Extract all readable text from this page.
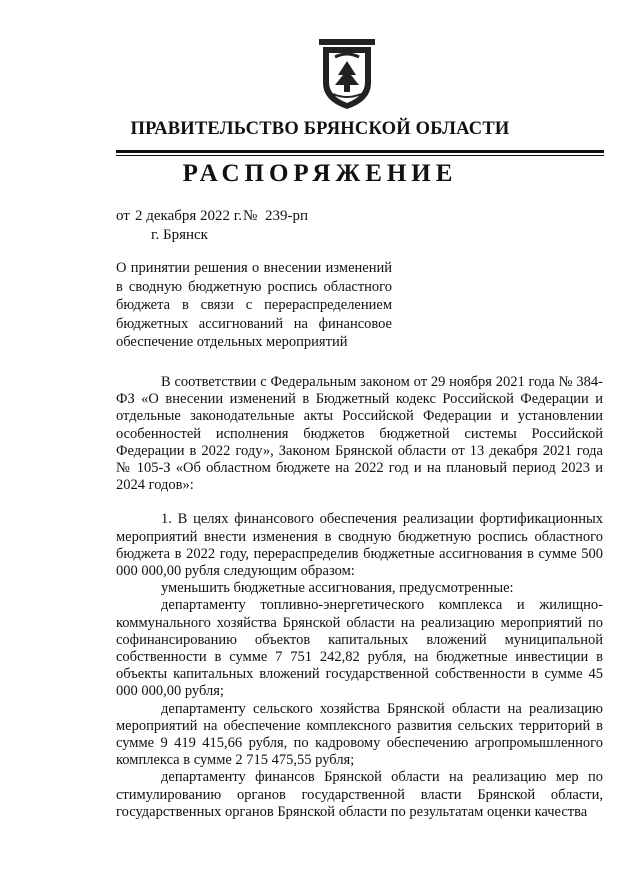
ПРАВИТЕЛЬСТВО БРЯНСКОЙ ОБЛАСТИ
РАСПОРЯЖЕНИЕ
от 2 декабря 2022 г. № 239-рп
г. Брянск
О принятии решения о внесении изменений в сводную бюджетную роспись областного бюджета в связи с перераспределением бюджетных ассигнований на финансовое обеспечение отдельных мероприятий

В соответствии с Федеральным законом от 29 ноября 2021 года № 384-ФЗ «О внесении изменений в Бюджетный кодекс Российской Федерации и отдельные законодательные акты Российской Федерации и установлении особенностей исполнения бюджетов бюджетной системы Российской Федерации в 2022 году», Законом Брянской области от 13 декабря 2021 года № 105-З «Об областном бюджете на 2022 год и на плановый период 2023 и 2024 годов»:

1. В целях финансового обеспечения реализации фортификационных мероприятий внести изменения в сводную бюджетную роспись областного бюджета в 2022 году, перераспределив бюджетные ассигнования в сумме 500 000 000,00 рубля следующим образом:

уменьшить бюджетные ассигнования, предусмотренные:

департаменту топливно-энергетического комплекса и жилищно-коммунального хозяйства Брянской области на реализацию мероприятий по софинансированию объектов капитальных вложений муниципальной собственности в сумме 7 751 242,82 рубля, на бюджетные инвестиции в объекты капитальных вложений государственной собственности в сумме 45 000 000,00 рубля;

департаменту сельского хозяйства Брянской области на реализацию мероприятий на обеспечение комплексного развития сельских территорий в сумме 9 419 415,66 рубля, по кадровому обеспечению агропромышленного комплекса в сумме 2 715 475,55 рубля;

департаменту финансов Брянской области на реализацию мер по стимулированию органов государственной власти Брянской области, государственных органов Брянской области по результатам оценки качества
